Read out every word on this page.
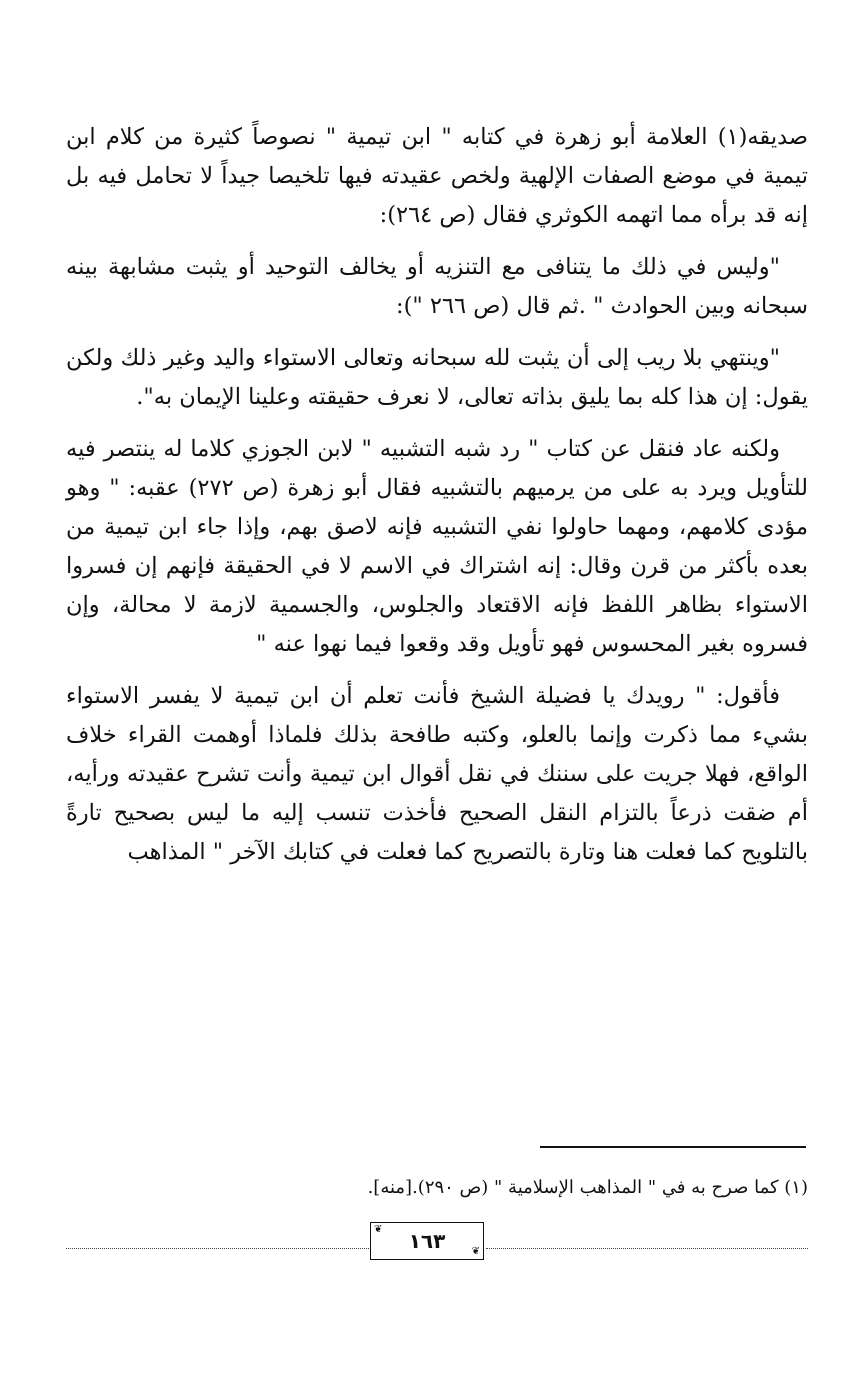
صديقه(١) العلامة أبو زهرة في كتابه " ابن تيمية " نصوصاً كثيرة من كلام ابن تيمية في موضع الصفات الإلهية ولخص عقيدته فيها تلخيصا جيداً لا تحامل فيه بل إنه قد برأه مما اتهمه الكوثري فقال (ص ٢٦٤):

"وليس في ذلك ما يتنافى مع التنزيه أو يخالف التوحيد أو يثبت مشابهة بينه سبحانه وبين الحوادث " .ثم قال (ص ٢٦٦ "):

"وينتهي بلا ريب إلى أن يثبت لله سبحانه وتعالى الاستواء واليد وغير ذلك ولكن يقول: إن هذا كله بما يليق بذاته تعالى، لا نعرف حقيقته وعلينا الإيمان به".

ولكنه عاد فنقل عن كتاب " رد شبه التشبيه " لابن الجوزي كلاما له ينتصر فيه للتأويل ويرد به على من يرميهم بالتشبيه فقال أبو زهرة (ص ٢٧٢) عقبه: " وهو مؤدى كلامهم، ومهما حاولوا نفي التشبيه فإنه لاصق بهم، وإذا جاء ابن تيمية من بعده بأكثر من قرن وقال: إنه اشتراك في الاسم لا في الحقيقة فإنهم إن فسروا الاستواء بظاهر اللفظ فإنه الاقتعاد والجلوس، والجسمية لازمة لا محالة، وإن فسروه بغير المحسوس فهو تأويل وقد وقعوا فيما نهوا عنه "

فأقول: " رويدك يا فضيلة الشيخ فأنت تعلم أن ابن تيمية لا يفسر الاستواء بشيء مما ذكرت وإنما بالعلو، وكتبه طافحة بذلك فلماذا أوهمت القراء خلاف الواقع، فهلا جريت على سننك في نقل أقوال ابن تيمية وأنت تشرح عقيدته ورأيه، أم ضقت ذرعاً بالتزام النقل الصحيح فأخذت تنسب إليه ما ليس بصحيح تارةً بالتلويح كما فعلت هنا وتارة بالتصريح كما فعلت في كتابك الآخر " المذاهب

(١) كما صرح به في " المذاهب الإسلامية " (ص ٢٩٠).[منه].
❦ ١٦٣	❦
